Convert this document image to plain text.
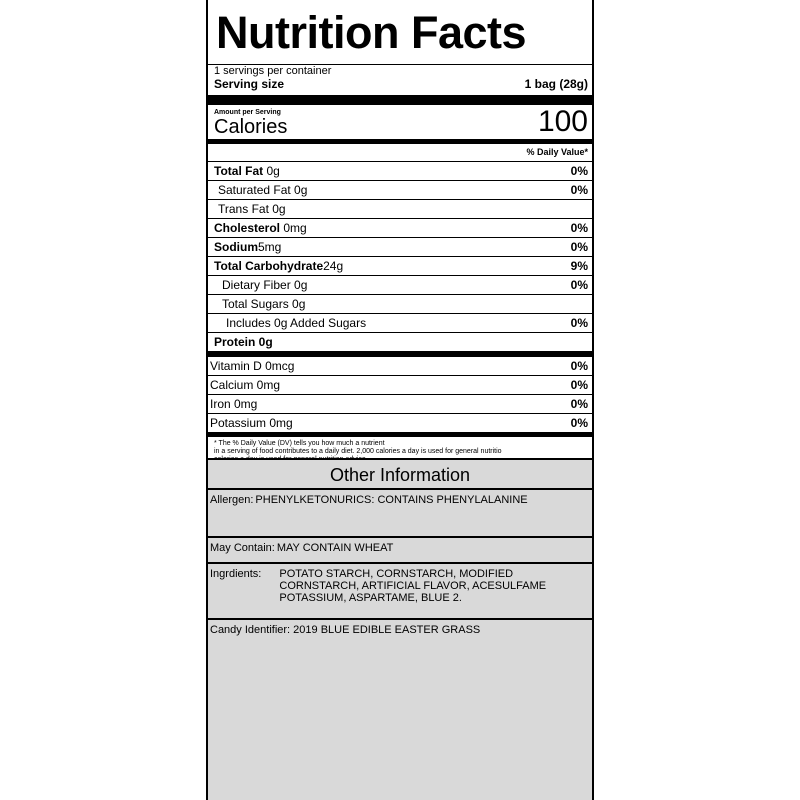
Nutrition Facts
1 servings per container
Serving size	1 bag (28g)
Amount per Serving
Calories	100
% Daily Value*
Total Fat 0g	0%
Saturated Fat 0g	0%
Trans Fat 0g
Cholesterol 0mg	0%
Sodium5mg	0%
Total Carbohydrate24g	9%
Dietary Fiber 0g	0%
Total Sugars 0g
Includes 0g Added Sugars	0%
Protein 0g
Vitamin D 0mcg	0%
Calcium 0mg	0%
Iron 0mg	0%
Potassium 0mg	0%
* The % Daily Value (DV) tells you how much a nutrient
in a serving of food contributes to a daily diet. 2,000 calories a day is used for general nutritio
Other Information
Allergen: PHENYLKETONURICS: CONTAINS PHENYLALANINE
May Contain: MAY CONTAIN WHEAT
Ingrdients: POTATO STARCH, CORNSTARCH, MODIFIED CORNSTARCH, ARTIFICIAL FLAVOR, ACESULFAME POTASSIUM, ASPARTAME, BLUE 2.
Candy Identifier: 2019 BLUE EDIBLE EASTER GRASS
